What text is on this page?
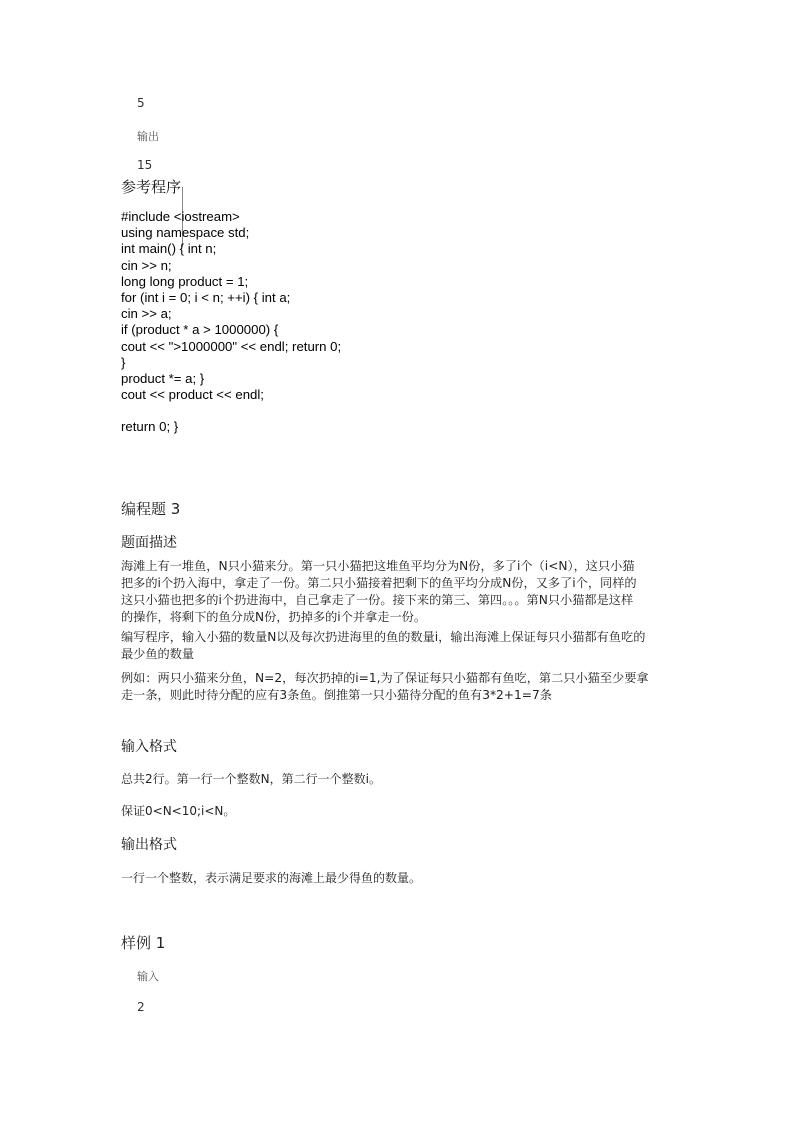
5
输出
15
参考程序
#include <iostream>
using namespace std;
int main() { int n;
cin >> n;
long long product = 1;
for (int i = 0; i < n; ++i) { int a;
cin >> a;
if (product * a > 1000000) {
cout << ">1000000" << endl; return 0;
}
product *= a; }
cout << product << endl;
return 0; }
编程题 3
题面描述
海滩上有一堆鱼，N只小猫来分。第一只小猫把这堆鱼平均分为N份，多了i个（i<N），这只小猫
把多的i个扔入海中，拿走了一份。第二只小猫接着把剩下的鱼平均分成N份，又多了i个，同样的
这只小猫也把多的i个扔进海中，自己拿走了一份。接下来的第三、第四。。。第N只小猫都是这样
的操作，将剩下的鱼分成N份，扔掉多的i个并拿走一份。
编写程序，输入小猫的数量N以及每次扔进海里的鱼的数量i，输出海滩上保证每只小猫都有鱼吃的
最少鱼的数量
例如：两只小猫来分鱼，N=2，每次扔掉的i=1,为了保证每只小猫都有鱼吃，第二只小猫至少要拿
走一条，则此时待分配的应有3条鱼。倒推第一只小猫待分配的鱼有3*2+1=7条
输入格式
总共2行。第一行一个整数N，第二行一个整数i。
保证0<N<10;i<N。
输出格式
一行一个整数，表示满足要求的海滩上最少得鱼的数量。
样例 1
输入
2
